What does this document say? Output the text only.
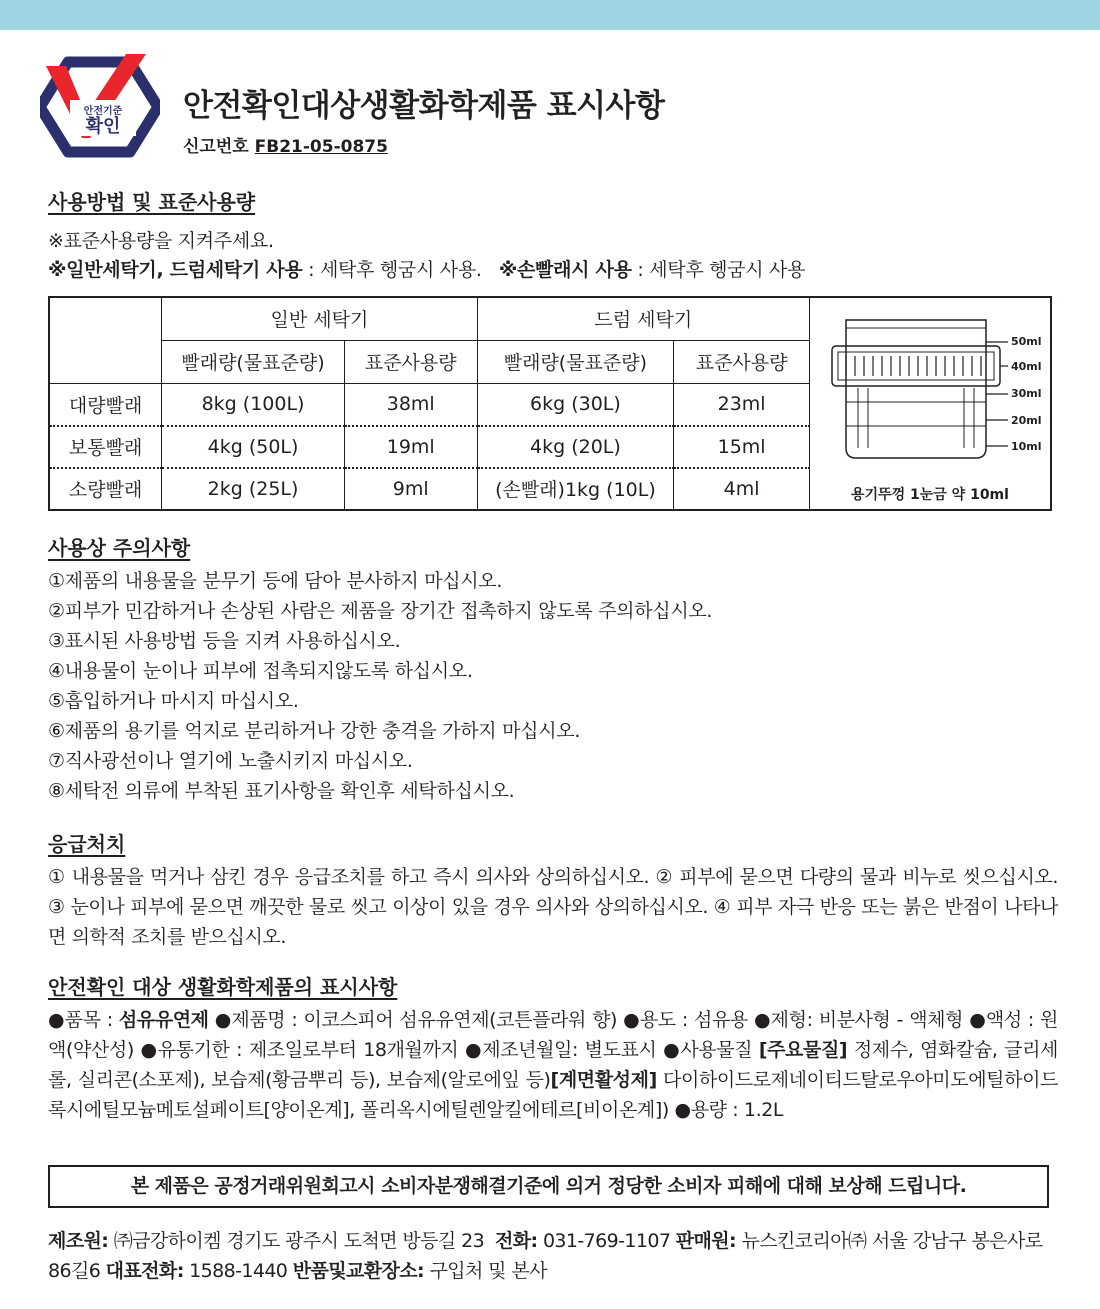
안전기준
확인
안전확인대상생활화학제품 표시사항
신고번호 FB21-05-0875
사용방법 및 표준사용량
※표준사용량을 지켜주세요.
※일반세탁기, 드럼세탁기 사용 : 세탁후 헹굼시 사용.   ※손빨래시 사용 : 세탁후 헹굼시 사용
	일반 세탁기		드럼 세탁기	
	빨래량(물표준량)	표준사용량	빨래량(물표준량)	표준사용량
대량빨래	8kg (100L)	38ml	6kg (30L)	23ml
보통빨래	4kg (50L)	19ml	4kg (20L)	15ml
소량빨래	2kg (25L)	9ml	(손빨래)1kg (10L)	4ml
50ml
40ml
30ml
20ml
10ml
용기뚜껑 1눈금 약 10ml
사용상 주의사항
①제품의 내용물을 분무기 등에 담아 분사하지 마십시오.
②피부가 민감하거나 손상된 사람은 제품을 장기간 접촉하지 않도록 주의하십시오.
③표시된 사용방법 등을 지켜 사용하십시오.
④내용물이 눈이나 피부에 접촉되지않도록 하십시오.
⑤흡입하거나 마시지 마십시오.
⑥제품의 용기를 억지로 분리하거나 강한 충격을 가하지 마십시오.
⑦직사광선이나 열기에 노출시키지 마십시오.
⑧세탁전 의류에 부착된 표기사항을 확인후 세탁하십시오.
응급처치
① 내용물을 먹거나 삼킨 경우 응급조치를 하고 즉시 의사와 상의하십시오. ② 피부에 묻으면 다량의 물과 비누로 씻으십시오. ③ 눈이나 피부에 묻으면 깨끗한 물로 씻고 이상이 있을 경우 의사와 상의하십시오. ④ 피부 자극 반응 또는 붉은 반점이 나타나면 의학적 조치를 받으십시오.
안전확인 대상 생활화학제품의 표시사항
●품목 : 섬유유연제 ●제품명 : 이코스피어 섬유유연제(코튼플라워 향) ●용도 : 섬유용 ●제형: 비분사형 - 액체형 ●액성 : 원액(약산성) ●유통기한 : 제조일로부터 18개월까지 ●제조년월일: 별도표시 ●사용물질 [주요물질] 정제수, 염화칼슘, 글리세롤, 실리콘(소포제), 보습제(황금뿌리 등), 보습제(알로에잎 등)[계면활성제] 다이하이드로제네이티드탈로우아미도에틸하이드록시에틸모늄메토설페이트[양이온계], 폴리옥시에틸렌알킬에테르[비이온계]) ●용량 : 1.2L
본 제품은 공정거래위원회고시 소비자분쟁해결기준에 의거 정당한 소비자 피해에 대해 보상해 드립니다.
제조원: ㈜금강하이켐 경기도 광주시 도척면 방등길 23  전화: 031-769-1107 판매원: 뉴스킨코리아㈜ 서울 강남구 봉은사로 86길6 대표전화: 1588-1440 반품및교환장소: 구입처 및 본사
